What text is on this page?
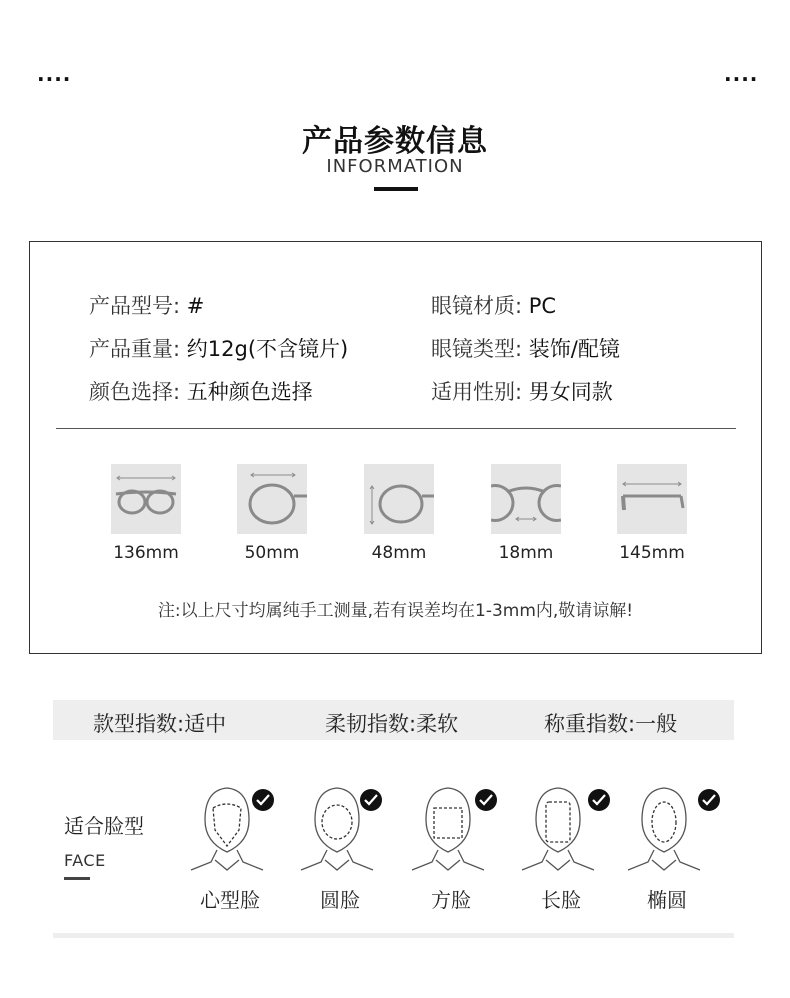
....	....
产品参数信息
INFORMATION
产品型号: #	眼镜材质: PC
产品重量: 约12g(不含镜片)	眼镜类型: 装饰/配镜
颜色选择: 五种颜色选择	适用性别: 男女同款
136mm	50mm	48mm	18mm	145mm
注:以上尺寸均属纯手工测量,若有误差均在1-3mm内,敬请谅解!
款型指数:适中	柔韧指数:柔软	称重指数:一般
适合脸型
FACE
心型脸	圆脸	方脸	长脸	椭圆
